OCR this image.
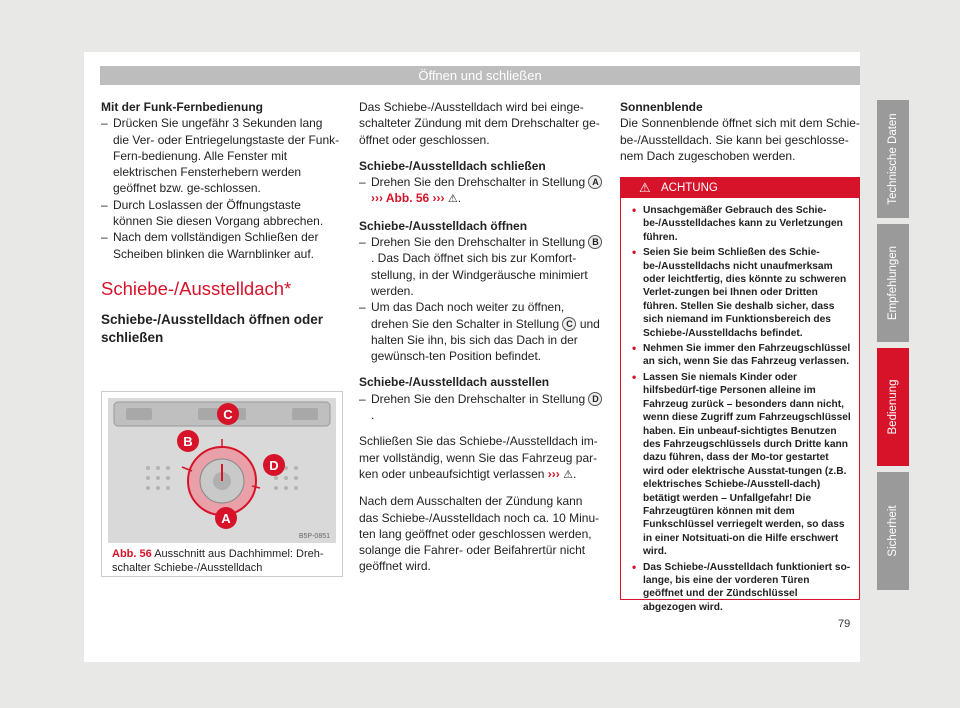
Öffnen und schließen

Mit der Funk-Fernbedienung

– Drücken Sie ungefähr 3 Sekunden lang die Ver- oder Entriegelungstaste der Funk-Fern-bedienung. Alle Fenster mit elektrischen Fensterhebern werden geöffnet bzw. ge-schlossen.
– Durch Loslassen der Öffnungstaste können Sie diesen Vorgang abbrechen.
– Nach dem vollständigen Schließen der Scheiben blinken die Warnblinker auf.

Schiebe-/Ausstelldach*

Schiebe-/Ausstelldach öffnen oder schließen

C
B
D
A
B5P-0851
Abb. 56 Ausschnitt aus Dachhimmel: Dreh-schalter Schiebe-/Ausstelldach

Das Schiebe-/Ausstelldach wird bei einge-schalteter Zündung mit dem Drehschalter ge-öffnet oder geschlossen.

Schiebe-/Ausstelldach schließen

– Drehen Sie den Drehschalter in Stellung A ››› Abb. 56 ››› ⚠.

Schiebe-/Ausstelldach öffnen

– Drehen Sie den Drehschalter in Stellung B. Das Dach öffnet sich bis zur Komfort-stellung, in der Windgeräusche minimiert werden.
– Um das Dach noch weiter zu öffnen, drehen Sie den Schalter in Stellung C und halten Sie ihn, bis sich das Dach in der gewünsch-ten Position befindet.

Schiebe-/Ausstelldach ausstellen

– Drehen Sie den Drehschalter in Stellung D.

Schließen Sie das Schiebe-/Ausstelldach im-mer vollständig, wenn Sie das Fahrzeug par-ken oder unbeaufsichtigt verlassen ››› ⚠.

Nach dem Ausschalten der Zündung kann das Schiebe-/Ausstelldach noch ca. 10 Minu-ten lang geöffnet oder geschlossen werden, solange die Fahrer- oder Beifahrertür nicht geöffnet wird.

Sonnenblende

Die Sonnenblende öffnet sich mit dem Schie-be-/Ausstelldach. Sie kann bei geschlosse-nem Dach zugeschoben werden.

⚠ ACHTUNG
• Unsachgemäßer Gebrauch des Schie-be-/Ausstelldaches kann zu Verletzungen führen.
• Seien Sie beim Schließen des Schie-be-/Ausstelldachs nicht unaufmerksam oder leichtfertig, dies könnte zu schweren Verlet-zungen bei Ihnen oder Dritten führen. Stellen Sie deshalb sicher, dass sich niemand im Funktionsbereich des Schiebe-/Ausstelldachs befindet.
• Nehmen Sie immer den Fahrzeugschlüssel an sich, wenn Sie das Fahrzeug verlassen.
• Lassen Sie niemals Kinder oder hilfsbedürf-tige Personen alleine im Fahrzeug zurück – besonders dann nicht, wenn diese Zugriff zum Fahrzeugschlüssel haben. Ein unbeauf-sichtigtes Benutzen des Fahrzeugschlüssels durch Dritte kann dazu führen, dass der Mo-tor gestartet wird oder elektrische Ausstat-tungen (z.B. elektrisches Schiebe-/Ausstell-dach) betätigt werden – Unfallgefahr! Die Fahrzeugtüren können mit dem Funkschlüssel verriegelt werden, so dass in einer Notsituati-on die Hilfe erschwert wird.
• Das Schiebe-/Ausstelldach funktioniert so-lange, bis eine der vorderen Türen geöffnet und der Zündschlüssel abgezogen wird.
Technische Daten
Empfehlungen
Bedienung
Sicherheit
79
